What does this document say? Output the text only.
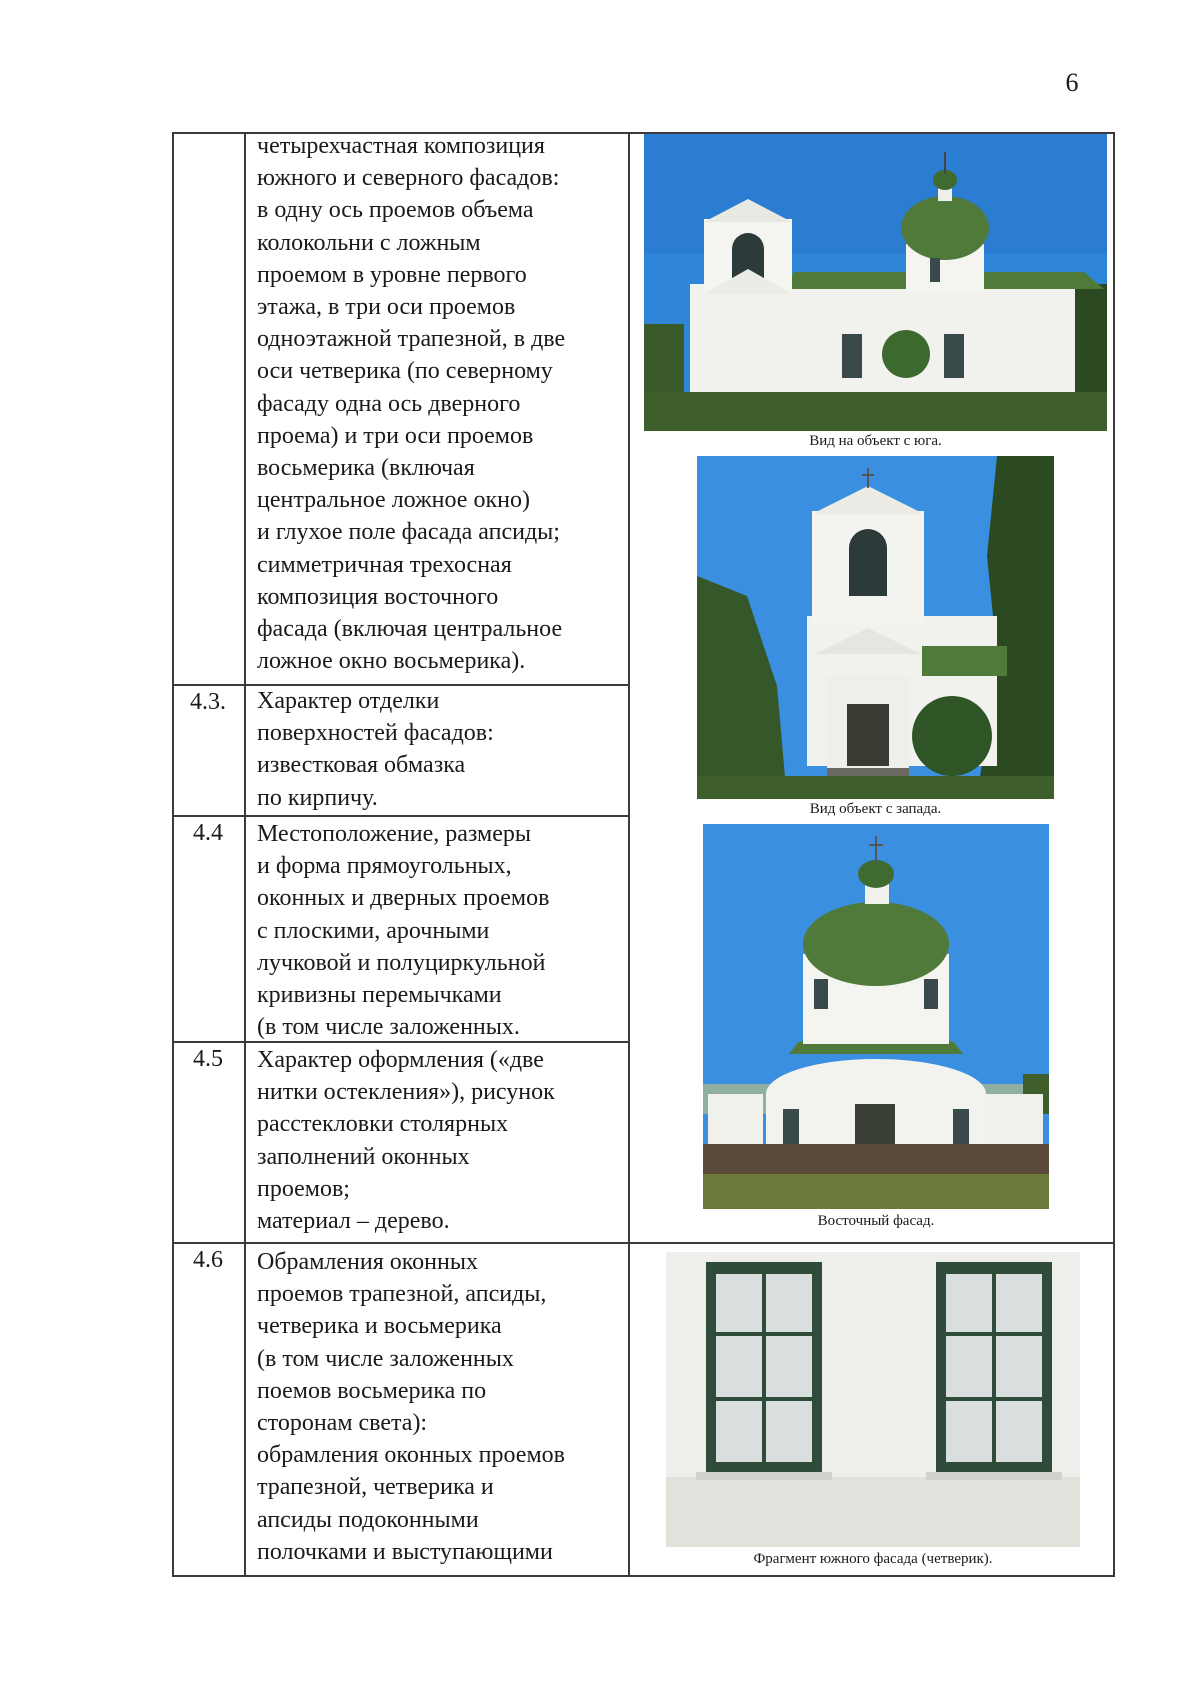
6
4.3.
4.4
4.5
4.6
четырехчастная композиция
южного и северного фасадов:
в одну ось проемов объема
колокольни с ложным
проемом в уровне первого
этажа, в три оси проемов
одноэтажной трапезной, в две
оси четверика (по северному
фасаду одна ось дверного
проема) и три оси проемов
восьмерика (включая
центральное ложное окно)
и глухое поле фасада апсиды;
симметричная трехосная
композиция восточного
фасада (включая центральное
ложное окно восьмерика).
Характер отделки
поверхностей фасадов:
известковая обмазка
по кирпичу.
Местоположение, размеры
и форма прямоугольных,
оконных и дверных проемов
с плоскими, арочными
лучковой и полуциркульной
кривизны перемычками
(в том числе заложенных.
Характер оформления («две
нитки остекления»), рисунок
расстекловки столярных
заполнений оконных
проемов;
материал – дерево.
Обрамления оконных
проемов трапезной, апсиды,
четверика и восьмерика
(в том числе заложенных
поемов восьмерика по
сторонам света):
обрамления оконных проемов
трапезной, четверика и
апсиды подоконными
полочками и выступающими
Вид на объект с юга.
Вид объект с запада.
Восточный фасад.
Фрагмент южного фасада (четверик).
